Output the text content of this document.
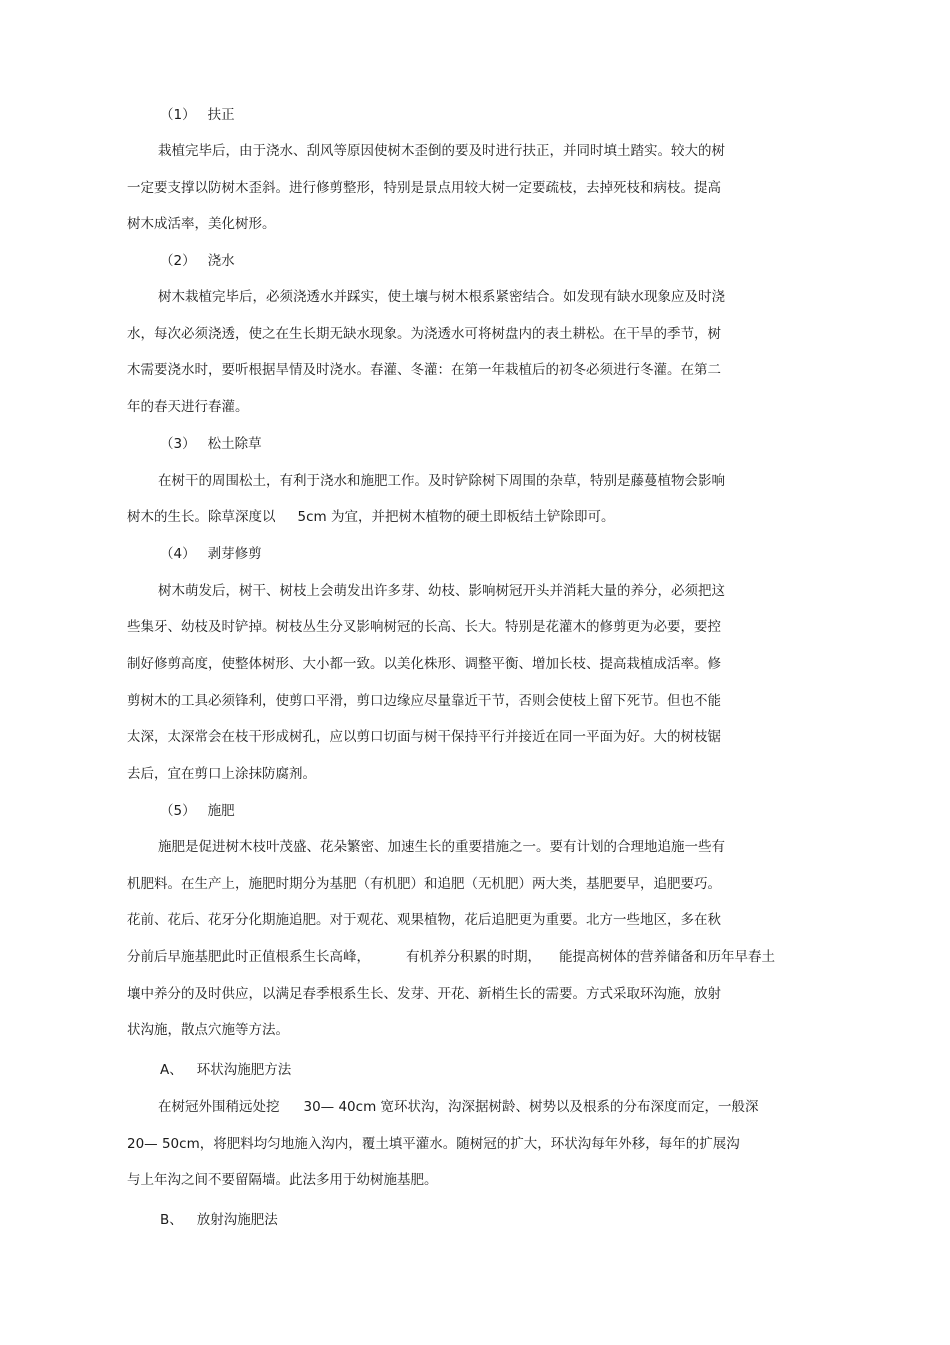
（1） 扶正
栽植完毕后，由于浇水、刮风等原因使树木歪倒的要及时进行扶正，并同时填土踏实。较大的树
一定要支撑以防树木歪斜。进行修剪整形，特别是景点用较大树一定要疏枝，去掉死枝和病枝。提高
树木成活率，美化树形。
（2） 浇水
树木栽植完毕后，必须浇透水并踩实，使土壤与树木根系紧密结合。如发现有缺水现象应及时浇
水，每次必须浇透，使之在生长期无缺水现象。为浇透水可将树盘内的表土耕松。在干旱的季节，树
木需要浇水时，要听根据旱情及时浇水。春灌、冬灌：在第一年栽植后的初冬必须进行冬灌。在第二
年的春天进行春灌。
（3） 松土除草
在树干的周围松土，有利于浇水和施肥工作。及时铲除树下周围的杂草，特别是藤蔓植物会影响
树木的生长。除草深度以 5cm 为宜，并把树木植物的硬土即板结土铲除即可。
（4） 剥芽修剪
树木萌发后，树干、树枝上会萌发出许多芽、幼枝、影响树冠开头并消耗大量的养分，必须把这
些集牙、幼枝及时铲掉。树枝丛生分叉影响树冠的长高、长大。特别是花灌木的修剪更为必要，要控
制好修剪高度，使整体树形、大小都一致。以美化株形、调整平衡、增加长枝、提高栽植成活率。修
剪树木的工具必须锋利，使剪口平滑，剪口边缘应尽量靠近干节，否则会使枝上留下死节。但也不能
太深，太深常会在枝干形成树孔，应以剪口切面与树干保持平行并接近在同一平面为好。大的树枝锯
去后，宜在剪口上涂抹防腐剂。
（5） 施肥
施肥是促进树木枝叶茂盛、花朵繁密、加速生长的重要措施之一。要有计划的合理地追施一些有
机肥料。在生产上，施肥时期分为基肥（有机肥）和追肥（无机肥）两大类，基肥要早，追肥要巧。
花前、花后、花牙分化期施追肥。对于观花、观果植物，花后追肥更为重要。北方一些地区，多在秋
分前后早施基肥此时正值根系生长高峰，	有机养分积累的时期， 能提高树体的营养储备和历年早春土
壤中养分的及时供应，以满足春季根系生长、发芽、开花、新梢生长的需要。方式采取环沟施，放射
状沟施，散点穴施等方法。
A、 环状沟施肥方法
在树冠外围稍远处挖 30— 40cm 宽环状沟，沟深据树龄、树势以及根系的分布深度而定，一般深
20— 50cm，将肥料均匀地施入沟内，覆土填平灌水。随树冠的扩大，环状沟每年外移，每年的扩展沟
与上年沟之间不要留隔墙。此法多用于幼树施基肥。
B、 放射沟施肥法
